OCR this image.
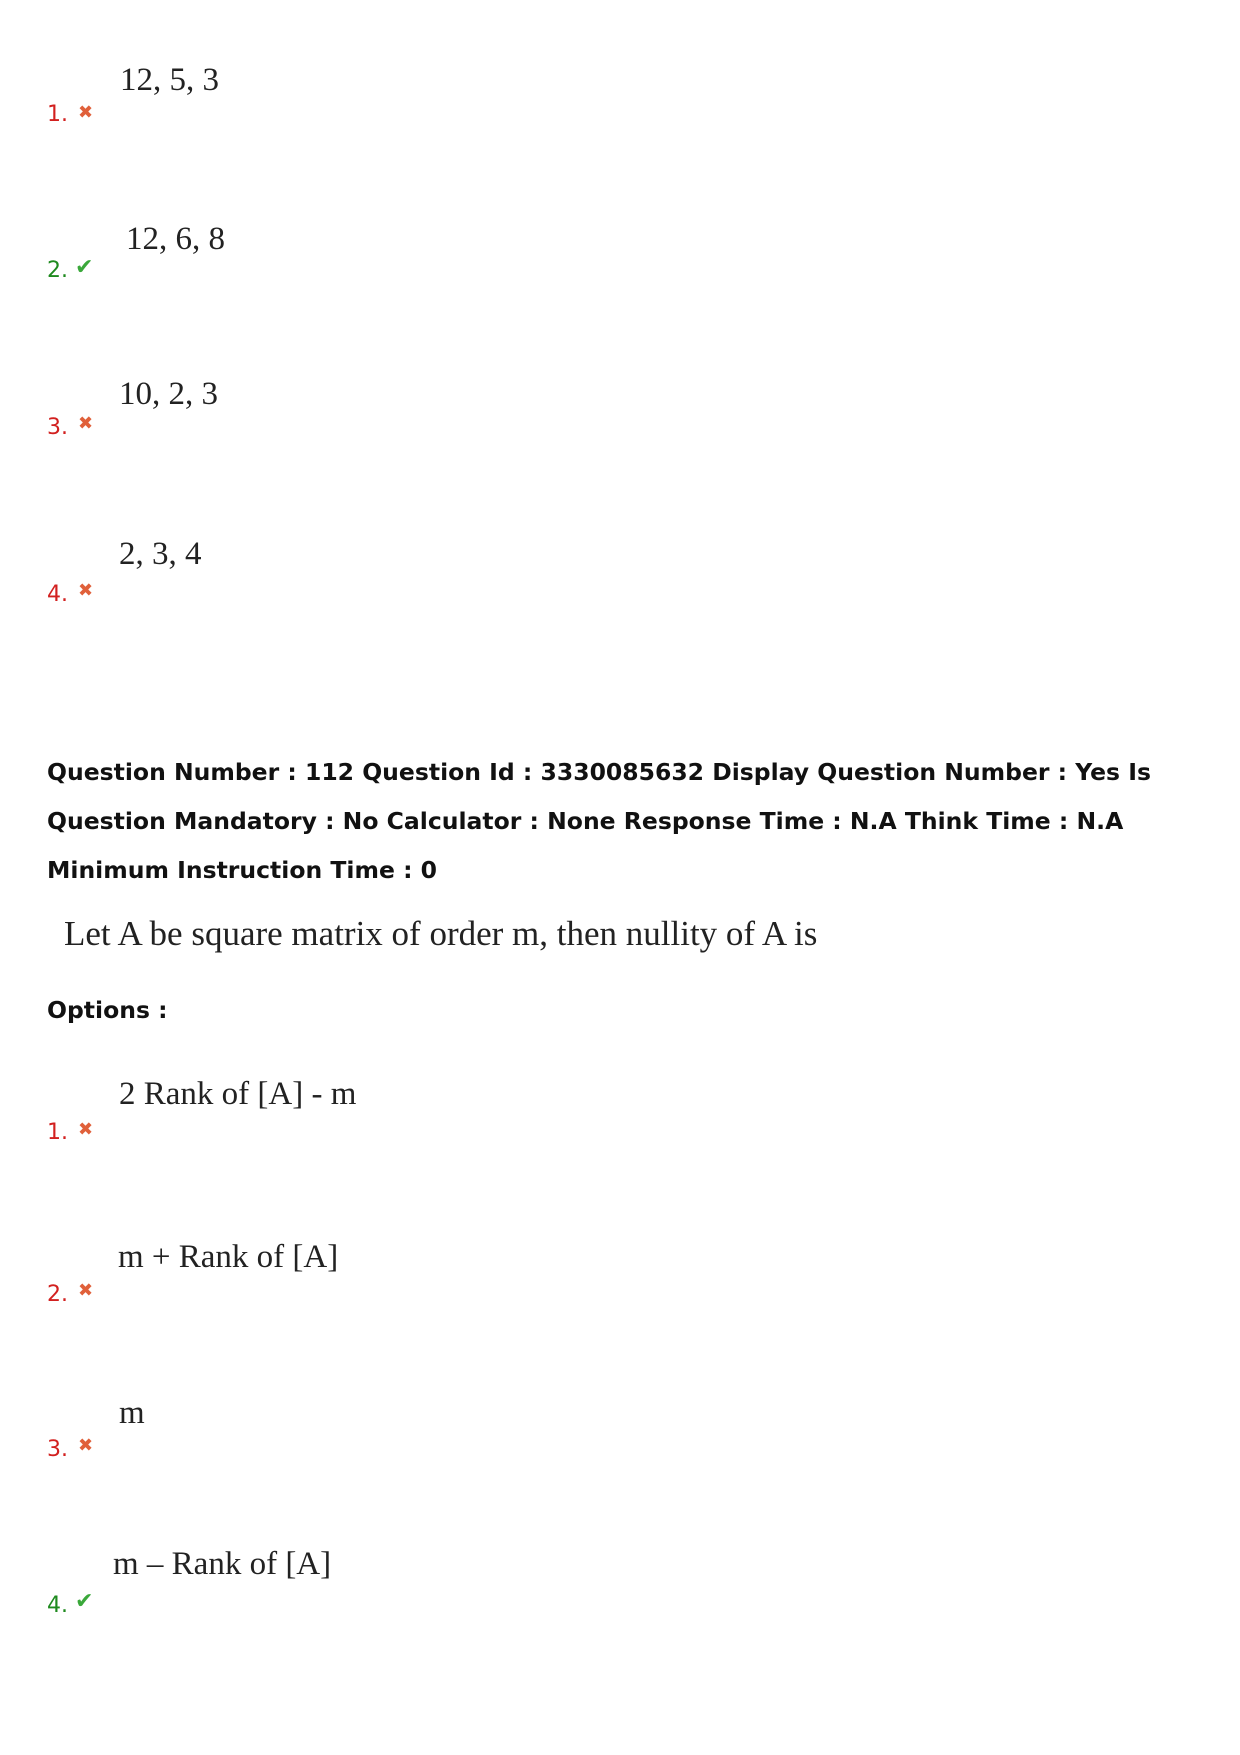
1. ✖
12, 5, 3
2. ✔
12, 6, 8
3. ✖
10, 2, 3
4. ✖
2, 3, 4
Question Number : 112 Question Id : 3330085632 Display Question Number : Yes Is Question Mandatory : No Calculator : None Response Time : N.A Think Time : N.A Minimum Instruction Time : 0
Let A be square matrix of order m, then nullity of A is
Options :
1. ✖
2 Rank of [A] - m
2. ✖
m + Rank of [A]
3. ✖
m
4. ✔
m – Rank of [A]
